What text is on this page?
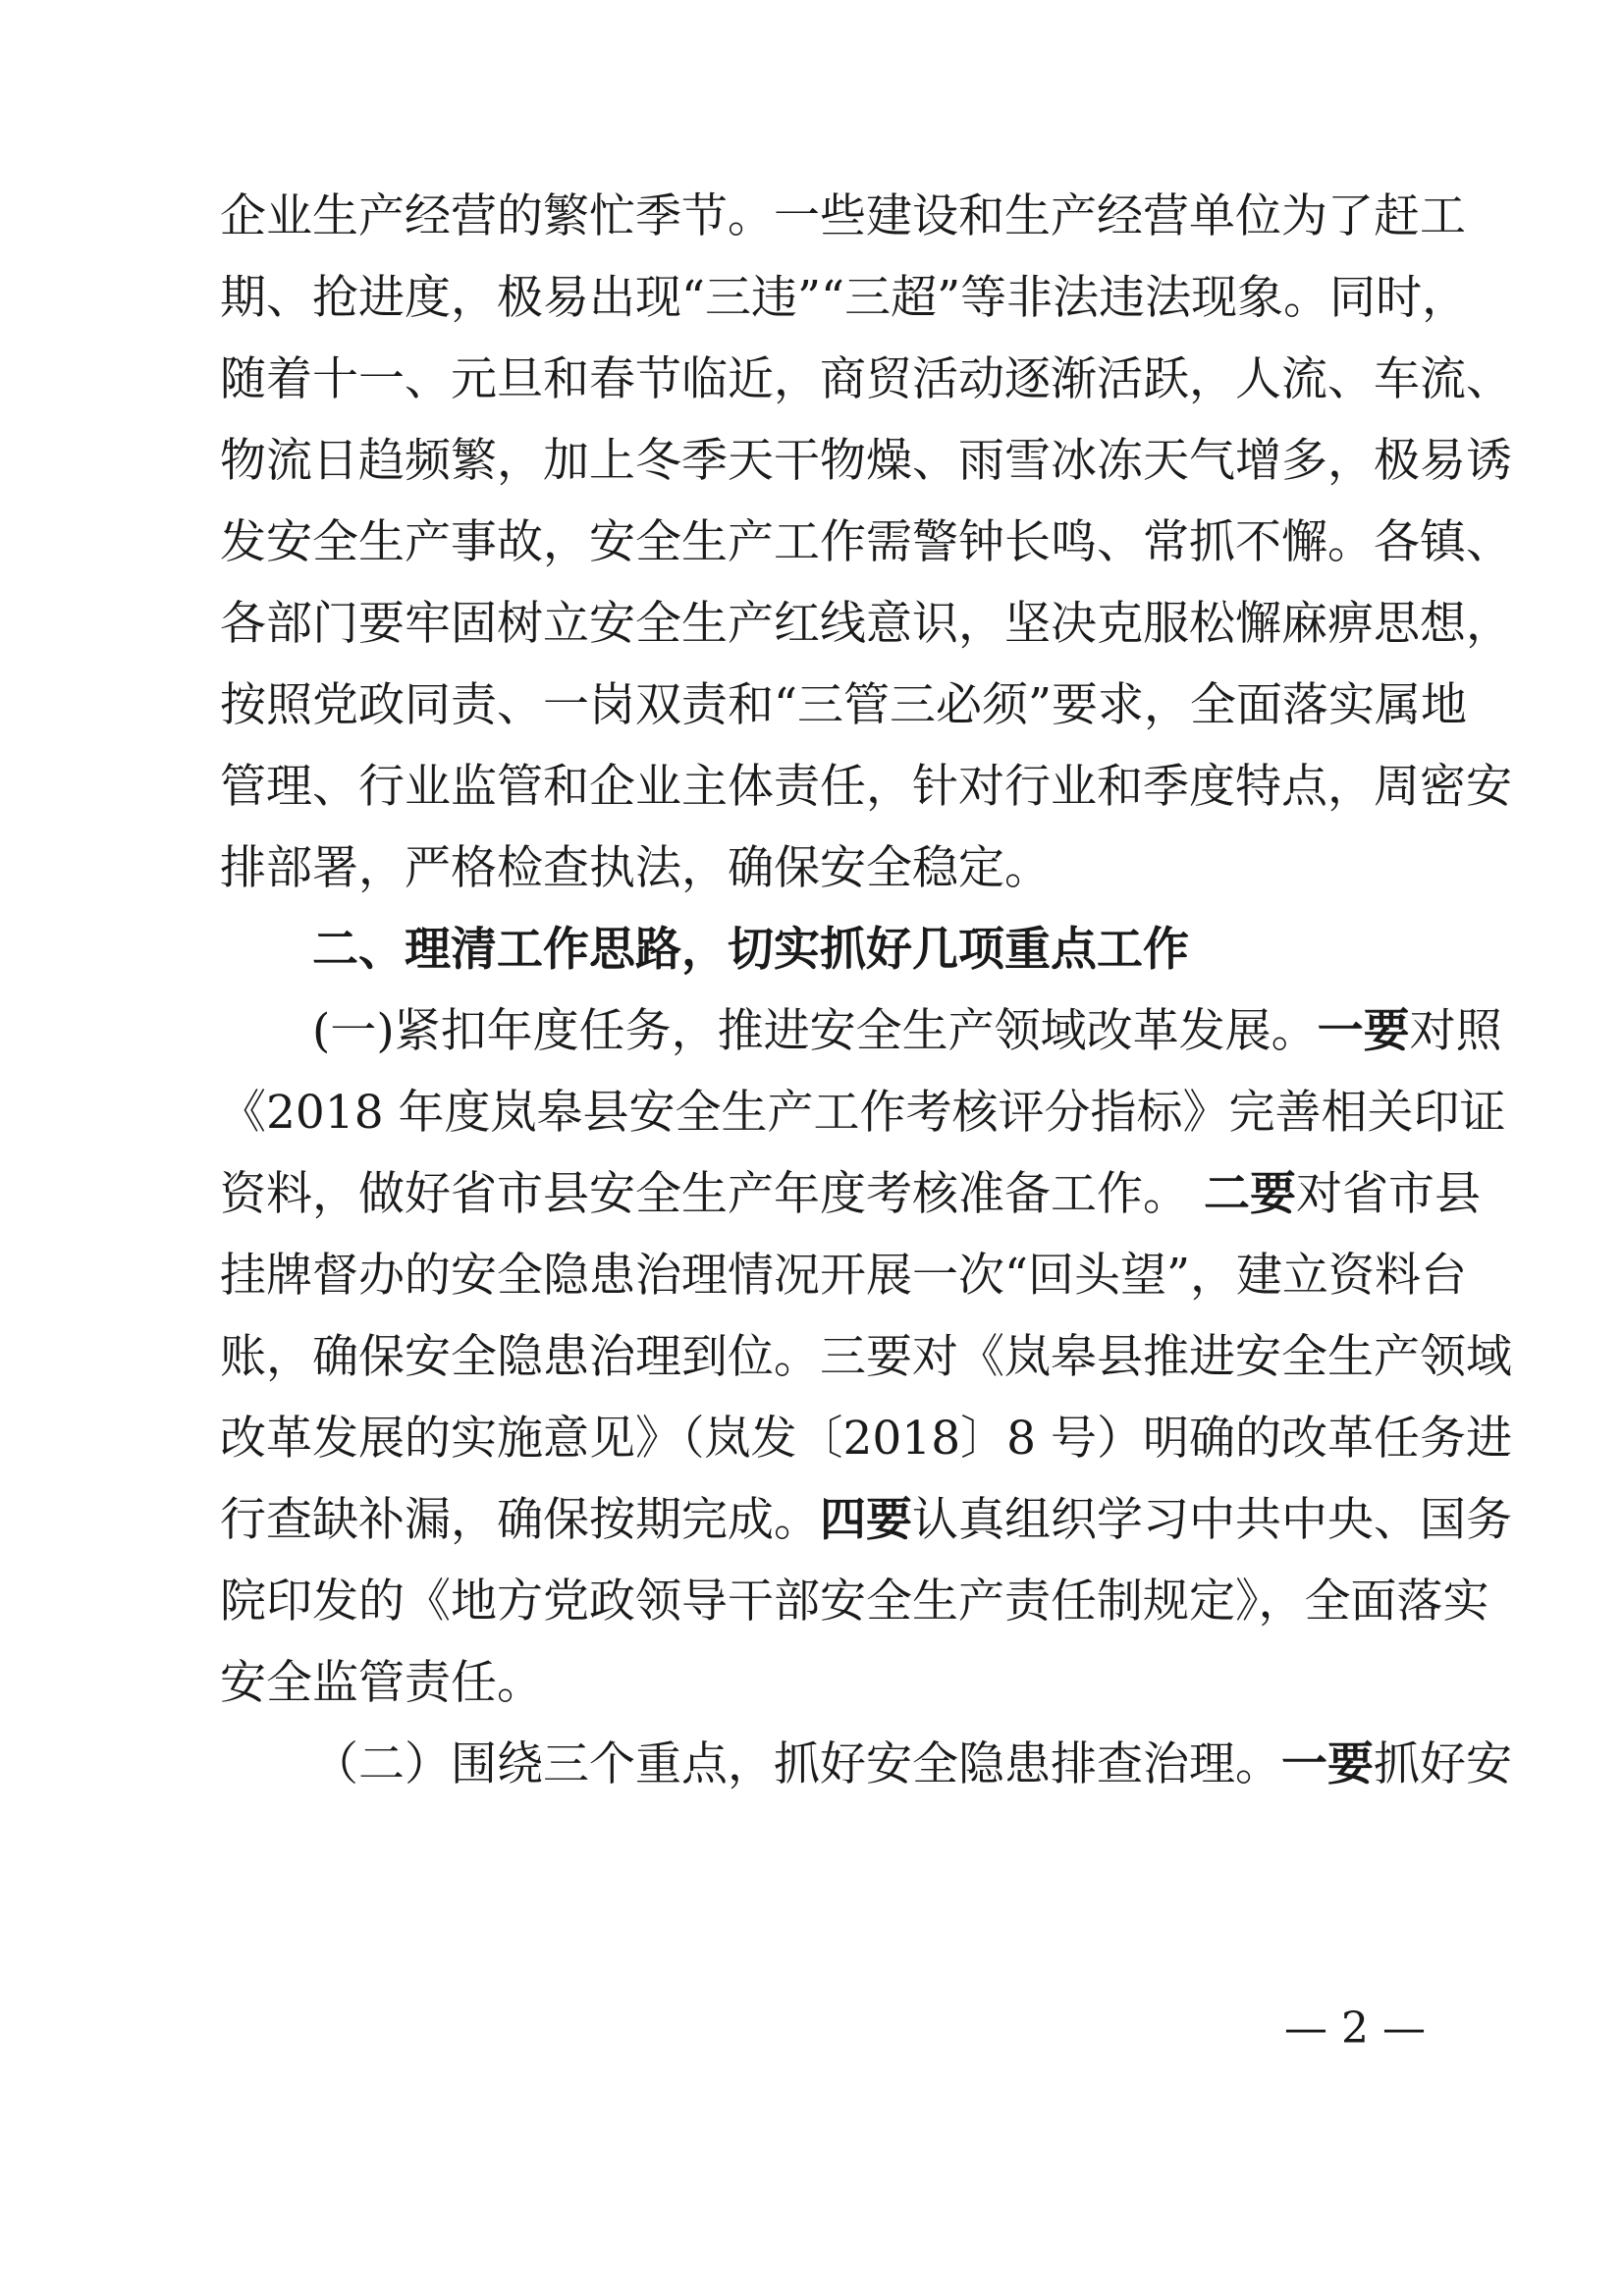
企业生产经营的繁忙季节。一些建设和生产经营单位为了赶工
期、抢进度，极易出现“三违”“三超”等非法违法现象。同时，
随着十一、元旦和春节临近，商贸活动逐渐活跃，人流、车流、
物流日趋频繁，加上冬季天干物燥、雨雪冰冻天气增多，极易诱
发安全生产事故，安全生产工作需警钟长鸣、常抓不懈。各镇、
各部门要牢固树立安全生产红线意识，坚决克服松懈麻痹思想，
按照党政同责、一岗双责和“三管三必须”要求，全面落实属地
管理、行业监管和企业主体责任，针对行业和季度特点，周密安
排部署，严格检查执法，确保安全稳定。
二、理清工作思路，切实抓好几项重点工作
(一)紧扣年度任务，推进安全生产领域改革发展。一要对照
《2018 年度岚皋县安全生产工作考核评分指标》完善相关印证
资料，做好省市县安全生产年度考核准备工作。 二要对省市县
挂牌督办的安全隐患治理情况开展一次“回头望”，建立资料台
账，确保安全隐患治理到位。三要对《岚皋县推进安全生产领域
改革发展的实施意见》（岚发〔2018〕8 号）明确的改革任务进
行查缺补漏，确保按期完成。四要认真组织学习中共中央、国务
院印发的《地方党政领导干部安全生产责任制规定》，全面落实
安全监管责任。
（二）围绕三个重点，抓好安全隐患排查治理。一要抓好安
— 2 —
